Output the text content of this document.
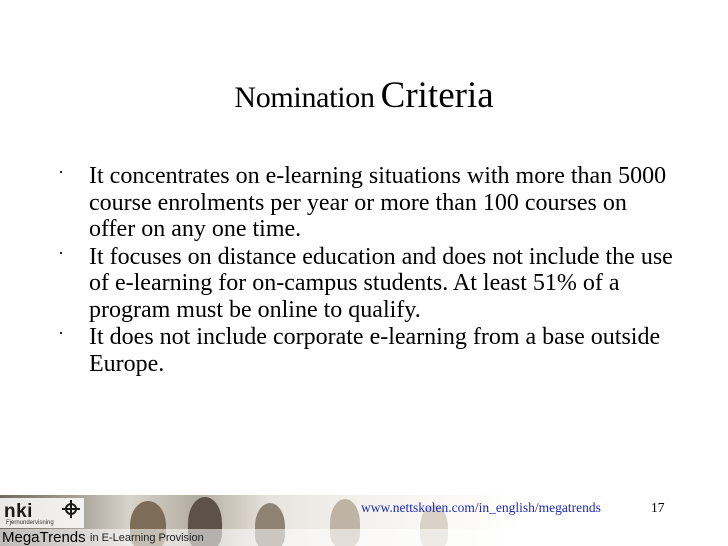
Nomination Criteria
· It concentrates on e-learning situations with more than 5000 course enrolments per year or more than 100 courses on offer on any one time.
· It focuses on distance education and does not include the use of e-learning for on-campus students. At least 51% of a program must be online to qualify.
· It does not include corporate e-learning from a base outside Europe.
nki
Fjernundervisning
MegaTrends in E-Learning Provision
www.nettskolen.com/in_english/megatrends	17
